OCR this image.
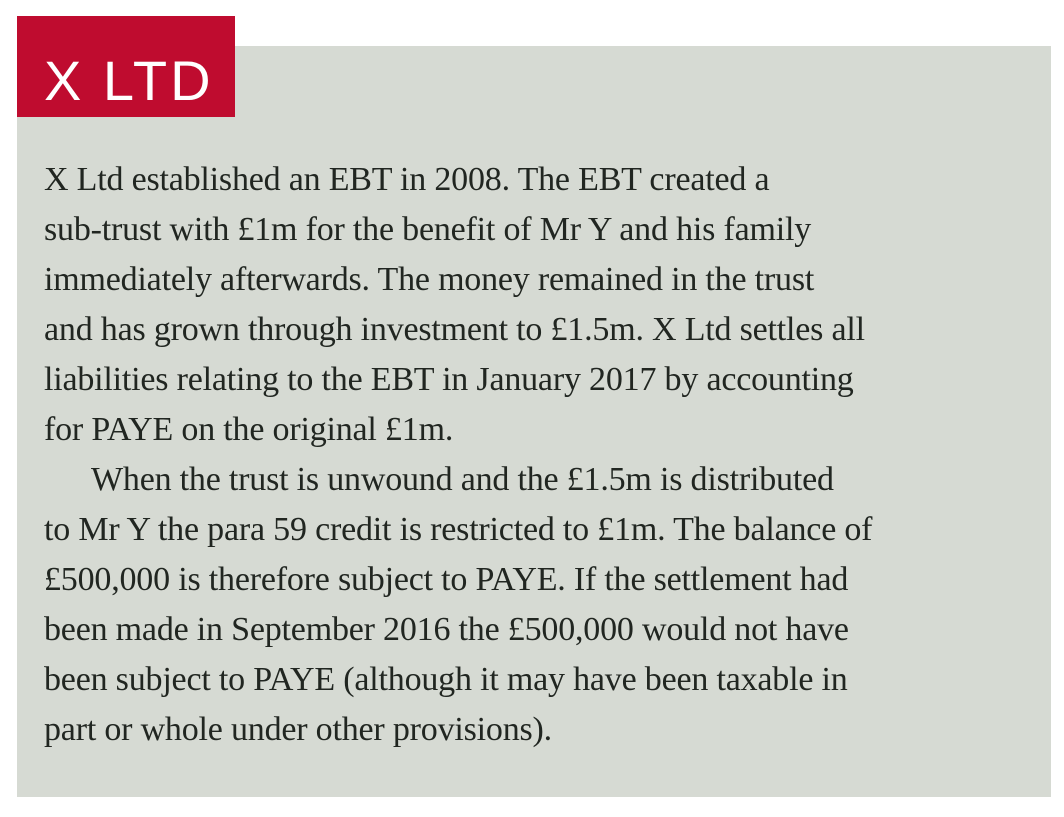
X Ltd established an EBT in 2008. The EBT created a
sub-trust with £1m for the benefit of Mr Y and his family
immediately afterwards. The money remained in the trust
and has grown through investment to £1.5m. X Ltd settles all
liabilities relating to the EBT in January 2017 by accounting
for PAYE on the original £1m.
When the trust is unwound and the £1.5m is distributed
to Mr Y the para 59 credit is restricted to £1m. The balance of
£500,000 is therefore subject to PAYE. If the settlement had
been made in September 2016 the £500,000 would not have
been subject to PAYE (although it may have been taxable in
part or whole under other provisions).
X LTD
